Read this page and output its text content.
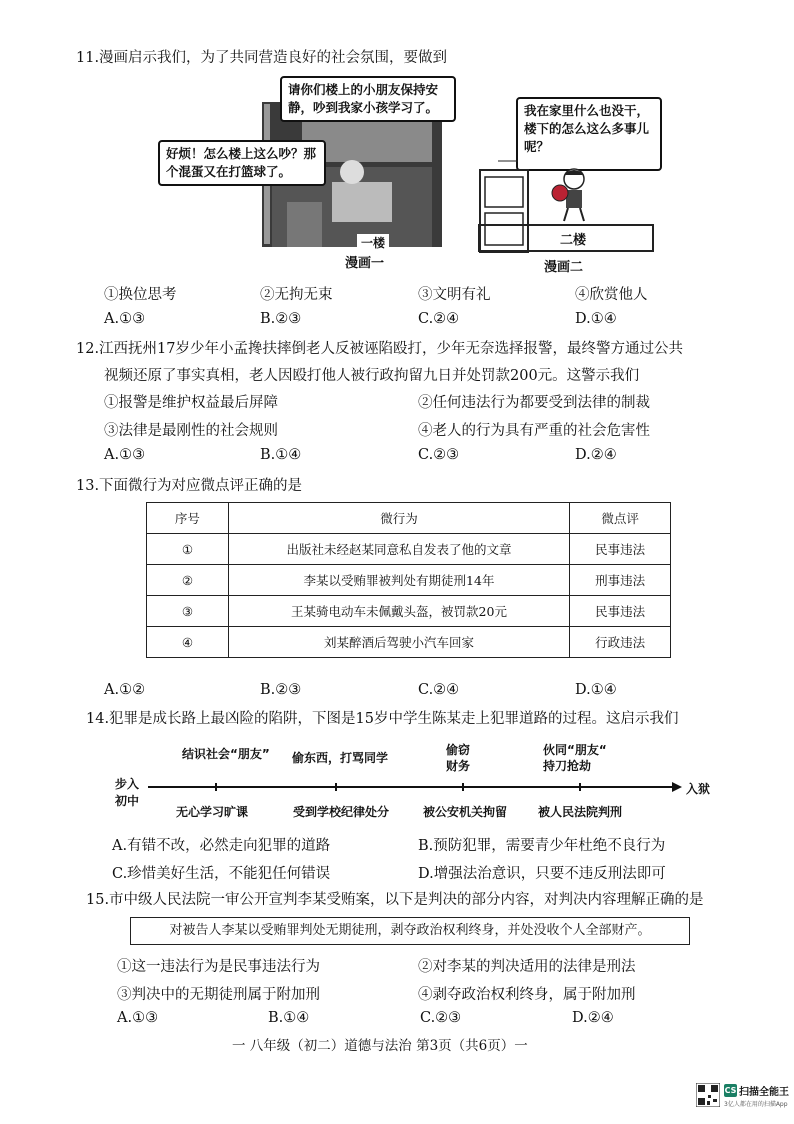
11.漫画启示我们，为了共同营造良好的社会氛围，要做到
请你们楼上的小朋友保持安静，吵到我家小孩学习了。
好烦！怎么楼上这么吵？那个混蛋又在打篮球了。
一楼
漫画一
我在家里什么也没干，楼下的怎么这么多事儿呢？
二楼
漫画二
①换位思考	②无拘无束	③文明有礼	④欣赏他人
A.①③	B.②③	C.②④	D.①④
12.江西抚州17岁少年小孟搀扶摔倒老人反被诬陷殴打，少年无奈选择报警，最终警方通过公共
视频还原了事实真相，老人因殴打他人被行政拘留九日并处罚款200元。这警示我们
①报警是维护权益最后屏障	②任何违法行为都要受到法律的制裁
③法律是最刚性的社会规则	④老人的行为具有严重的社会危害性
A.①③	B.①④	C.②③	D.②④
13.下面微行为对应微点评正确的是
序号	微行为	微点评
①	出版社未经赵某同意私自发表了他的文章	民事违法
②	李某以受贿罪被判处有期徒刑14年	刑事违法
③	王某骑电动车未佩戴头盔，被罚款20元	民事违法
④	刘某醉酒后驾驶小汽车回家	行政违法
A.①②	B.②③	C.②④	D.①④
14.犯罪是成长路上最凶险的陷阱，下图是15岁中学生陈某走上犯罪道路的过程。这启示我们
步入
初中
入狱
结识社会“朋友” 偷东西，打骂同学
偷窃
财务
伙同“朋友“
持刀抢劫
无心学习旷课	受到学校纪律处分	被公安机关拘留	被人民法院判刑
A.有错不改，必然走向犯罪的道路	B.预防犯罪，需要青少年杜绝不良行为
C.珍惜美好生活，不能犯任何错误	D.增强法治意识，只要不违反刑法即可
15.市中级人民法院一审公开宣判李某受贿案，以下是判决的部分内容，对判决内容理解正确的是
对被告人李某以受贿罪判处无期徒刑，剥夺政治权利终身，并处没收个人全部财产。
①这一违法行为是民事违法行为	②对李某的判决适用的法律是刑法
③判决中的无期徒刑属于附加刑	④剥夺政治权利终身，属于附加刑
A.①③	B.①④	C.②③	D.②④
一 八年级（初二）道德与法治 第3页（共6页）一
CS 扫描全能王
3亿人都在用的扫描App
